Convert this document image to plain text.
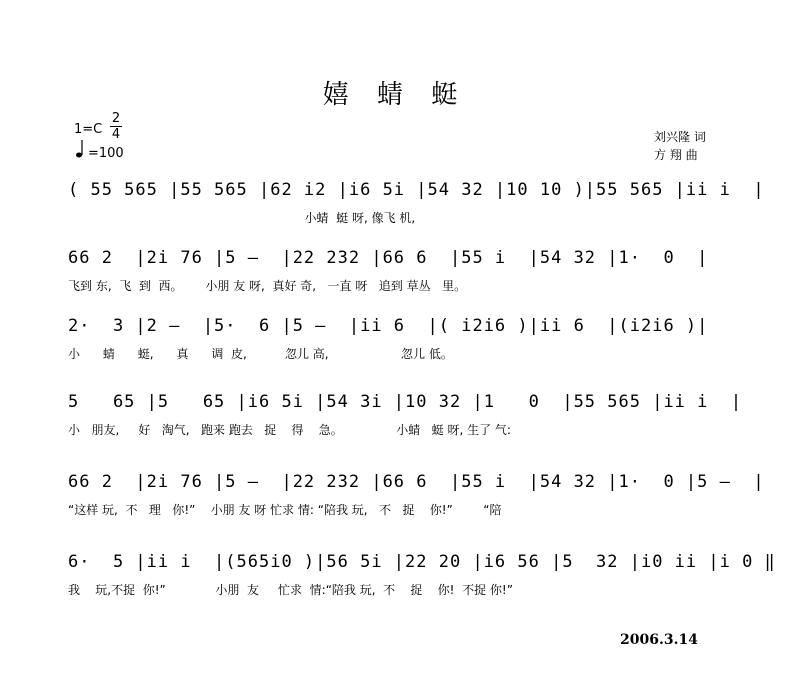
嬉 蜻 蜓
1=C
2
4
=100
刘兴隆 词
方 翔 曲
( 55 565 |55 565 |62 i2 |i6 5i |54 32 |10 10 )|55 565 |ii i  |
小蜻  蜓 呀, 像飞 机,
66 2  |2i 76 |5 –  |22 232 |66 6  |55 i  |54 32 |1·  0  |
飞到 东,  飞  到  西。      小朋 友 呀,  真好 奇,   一直 呀   追到 草丛   里。
2·  3 |2 –  |5·  6 |5 –  |ii 6  |( i2i6 )|ii 6  |(i2i6 )|
小      蜻      蜓,      真      调  皮,          忽儿 高,                   忽儿 低。
5   65 |5   65 |i6 5i |54 3i |10 32 |1   0  |55 565 |ii i  |
小   朋友,     好   淘气,   跑来 跑去   捉    得    急。              小蜻   蜓 呀, 生了 气:
66 2  |2i 76 |5 –  |22 232 |66 6  |55 i  |54 32 |1·  0 |5 –  |
“这样 玩,  不   理   你!”    小朋 友 呀 忙求 情: “陪我 玩,   不   捉    你!”        “陪
6·  5 |ii i  |(565i0 )|56 5i |22 20 |i6 56 |5  32 |i0 ii |i 0 ‖
我    玩,不捉  你!”             小朋  友     忙求  情:“陪我 玩,  不    捉    你!  不捉 你!”
2006.3.14
